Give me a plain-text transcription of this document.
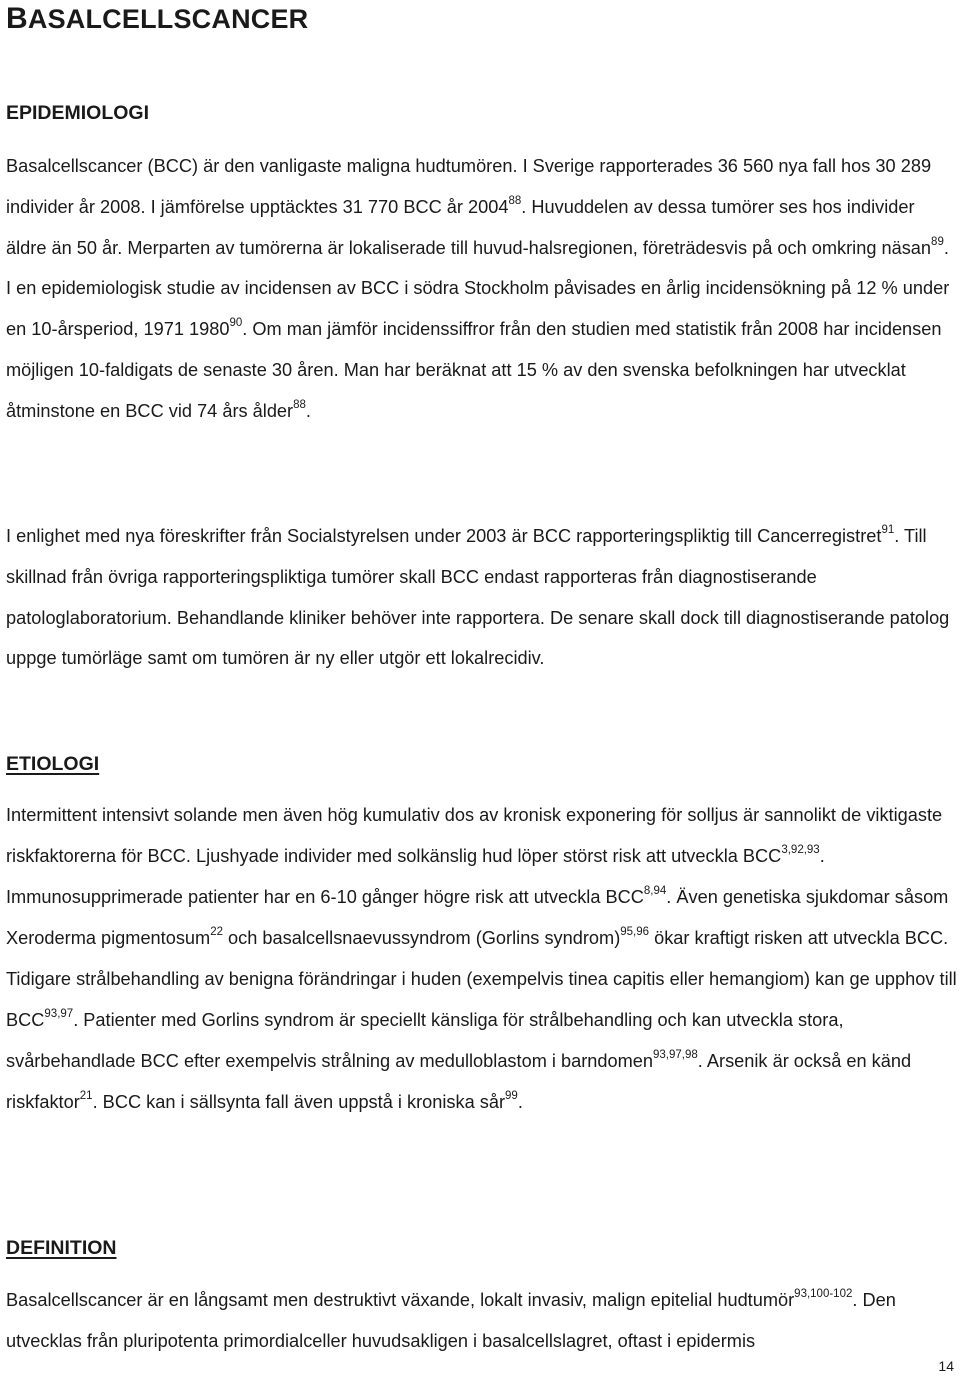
BASALCELLSCANCER
EPIDEMIOLOGI

Basalcellscancer (BCC) är den vanligaste maligna hudtumören. I Sverige rapporterades 36 560 nya fall hos 30 289 individer år 2008. I jämförelse upptäcktes 31 770 BCC år 2004$^{88}$. Huvuddelen av dessa tumörer ses hos individer äldre än 50 år. Merparten av tumörerna är lokaliserade till huvud-halsregionen, företrädesvis på och omkring näsan$^{89}$. I en epidemiologisk studie av incidensen av BCC i södra Stockholm påvisades en årlig incidensökning på 12 % under en 10-årsperiod, 1971 1980$^{90}$. Om man jämför incidenssiffror från den studien med statistik från 2008 har incidensen möjligen 10-faldigats de senaste 30 åren. Man har beräknat att 15 % av den svenska befolkningen har utvecklat åtminstone en BCC vid 74 års ålder$^{88}$.

I enlighet med nya föreskrifter från Socialstyrelsen under 2003 är BCC rapporteringspliktig till Cancerregistret$^{91}$. Till skillnad från övriga rapporteringspliktiga tumörer skall BCC endast rapporteras från diagnostiserande patologlaboratorium. Behandlande kliniker behöver inte rapportera. De senare skall dock till diagnostiserande patolog uppge tumörläge samt om tumören är ny eller utgör ett lokalrecidiv.

ETIOLOGI

Intermittent intensivt solande men även hög kumulativ dos av kronisk exponering för solljus är sannolikt de viktigaste riskfaktorerna för BCC. Ljushyade individer med solkänslig hud löper störst risk att utveckla BCC$^{3,92,93}$. Immunosupprimerade patienter har en 6-10 gånger högre risk att utveckla BCC$^{8,94}$. Även genetiska sjukdomar såsom Xeroderma pigmentosum$^{22}$ och basalcellsnaevussyndrom (Gorlins syndrom)$^{95,96}$ ökar kraftigt risken att utveckla BCC. Tidigare strålbehandling av benigna förändringar i huden (exempelvis tinea capitis eller hemangiom) kan ge upphov till BCC$^{93,97}$. Patienter med Gorlins syndrom är speciellt känsliga för strålbehandling och kan utveckla stora, svårbehandlade BCC efter exempelvis strålning av medulloblastom i barndomen$^{93,97,98}$. Arsenik är också en känd riskfaktor$^{21}$. BCC kan i sällsynta fall även uppstå i kroniska sår$^{99}$.

DEFINITION

Basalcellscancer är en långsamt men destruktivt växande, lokalt invasiv, malign epitelial hudtumör$^{93,100-102}$. Den utvecklas från pluripotenta primordialceller huvudsakligen i basalcellslagret, oftast i epidermis

14
